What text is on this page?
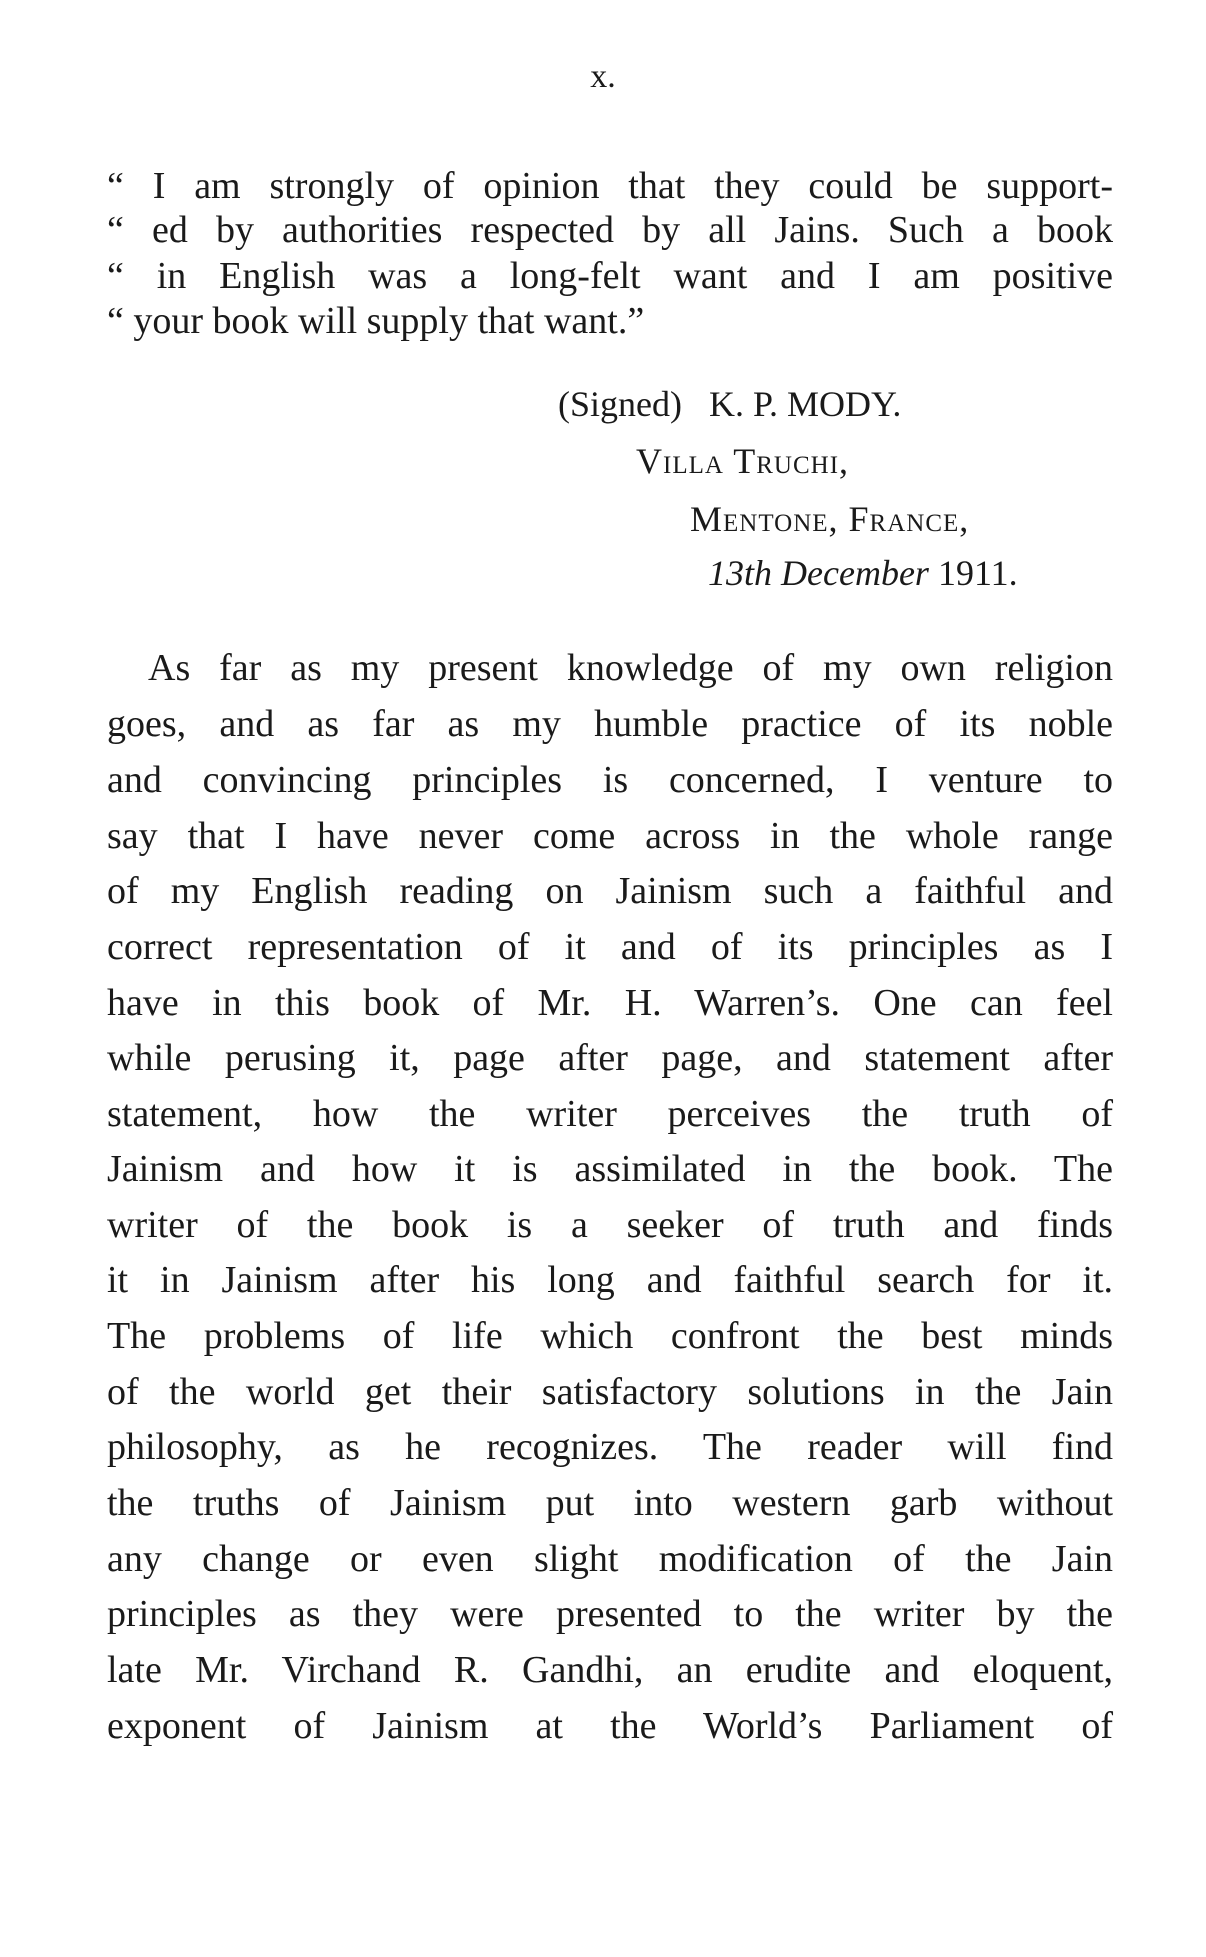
x.
“ I am strongly of opinion that they could be support-
“ ed by authorities respected by all Jains. Such a book
“ in English was a long-felt want and I am positive
“ your book will supply that want.”
(Signed) K. P. MODY.
Villa Truchi,
Mentone, France,
13th December 1911.
As far as my present knowledge of my own religion
goes, and as far as my humble practice of its noble
and convincing principles is concerned, I venture to
say that I have never come across in the whole range
of my English reading on Jainism such a faithful and
correct representation of it and of its principles as I
have in this book of Mr. H. Warren’s. One can feel
while perusing it, page after page, and statement after
statement, how the writer perceives the truth of
Jainism and how it is assimilated in the book. The
writer of the book is a seeker of truth and finds
it in Jainism after his long and faithful search for it.
The problems of life which confront the best minds
of the world get their satisfactory solutions in the Jain
philosophy, as he recognizes. The reader will find
the truths of Jainism put into western garb without
any change or even slight modification of the Jain
principles as they were presented to the writer by the
late Mr. Virchand R. Gandhi, an erudite and eloquent,
exponent of Jainism at the World’s Parliament of
